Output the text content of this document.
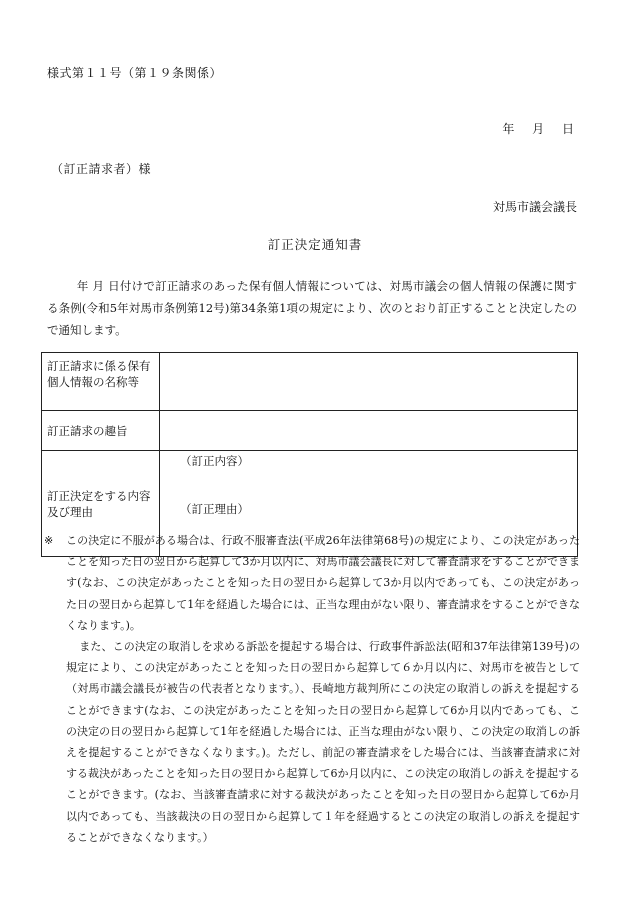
様式第１１号（第１９条関係）
年 月 日
（訂正請求者）様
対馬市議会議長
訂正決定通知書
年 月 日付けで訂正請求のあった保有個人情報については、対馬市議会の個人情報の保護に関する条例(令和5年対馬市条例第12号)第34条第1項の規定により、次のとおり訂正することと決定したので通知します。
訂正請求に係る保有個人情報の名称等	
訂正請求の趣旨	
訂正決定をする内容及び理由	（訂正内容）
（訂正理由）
※ この決定に不服がある場合は、行政不服審査法(平成26年法律第68号)の規定により、この決定があったことを知った日の翌日から起算して3か月以内に、対馬市議会議長に対して審査請求をすることができます(なお、この決定があったことを知った日の翌日から起算して3か月以内であっても、この決定があった日の翌日から起算して1年を経過した場合には、正当な理由がない限り、審査請求をすることができなくなります。)。

また、この決定の取消しを求める訴訟を提起する場合は、行政事件訴訟法(昭和37年法律第139号)の規定により、この決定があったことを知った日の翌日から起算して６か月以内に、対馬市を被告として（対馬市議会議長が被告の代表者となります。）、長崎地方裁判所にこの決定の取消しの訴えを提起することができます(なお、この決定があったことを知った日の翌日から起算して6か月以内であっても、この決定の日の翌日から起算して1年を経過した場合には、正当な理由がない限り、この決定の取消しの訴えを提起することができなくなります。)。ただし、前記の審査請求をした場合には、当該審査請求に対する裁決があったことを知った日の翌日から起算して6か月以内に、この決定の取消しの訴えを提起することができます。(なお、当該審査請求に対する裁決があったことを知った日の翌日から起算して6か月以内であっても、当該裁決の日の翌日から起算して１年を経過するとこの決定の取消しの訴えを提起することができなくなります。）
